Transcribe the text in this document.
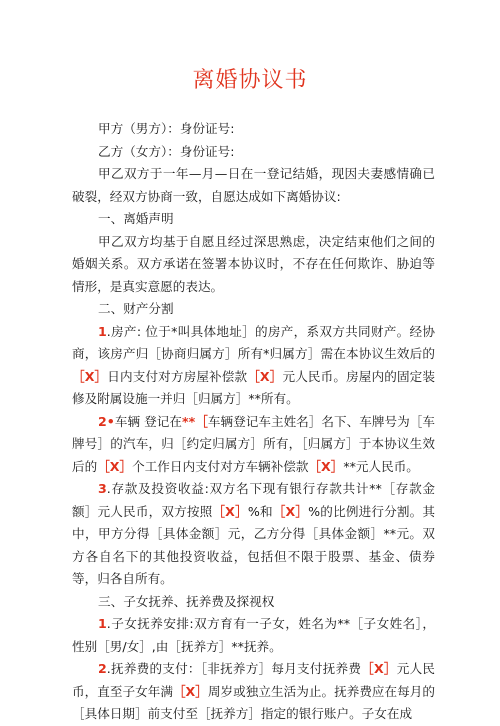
离婚协议书
甲方（男方）：身份证号:
乙方（女方）：身份证号:
甲乙双方于一年—月—日在一登记结婚，现因夫妻感情确已破裂，经双方协商一致，自愿达成如下离婚协议:
一、离婚声明
甲乙双方均基于自愿且经过深思熟虑，决定结束他们之间的婚姻关系。双方承诺在签署本协议时，不存在任何欺诈、胁迫等情形，是真实意愿的表达。
二、财产分割
1.房产: 位于*叫具体地址］的房产，系双方共同财产。经协商，该房产归［协商归属方］所有*归属方］需在本协议生效后的［X］日内支付对方房屋补偿款［X］元人民币。房屋内的固定装修及附属设施一并归［归属方］**所有。
2•车辆 登记在**［车辆登记车主姓名］名下、车牌号为［车牌号］的汽车，归［约定归属方］所有，［归属方］于本协议生效后的［X］个工作日内支付对方车辆补偿款［X］**元人民币。
3.存款及投资收益:双方名下现有银行存款共计**［存款金额］元人民币，双方按照［X］%和［X］%的比例进行分割。其中，甲方分得［具体金额］元，乙方分得［具体金额］**元。双方各自名下的其他投资收益，包括但不限于股票、基金、债券等，归各自所有。
三、子女抚养、抚养费及探视权
1.子女抚养安排:双方育有一子女，姓名为**［子女姓名］，性别［男/女］,由［抚养方］**抚养。
2.抚养费的支付：［非抚养方］每月支付抚养费［X］元人民币，直至子女年满［X］周岁或独立生活为止。抚养费应在每月的［具体日期］前支付至［抚养方］指定的银行账户。子女在成
